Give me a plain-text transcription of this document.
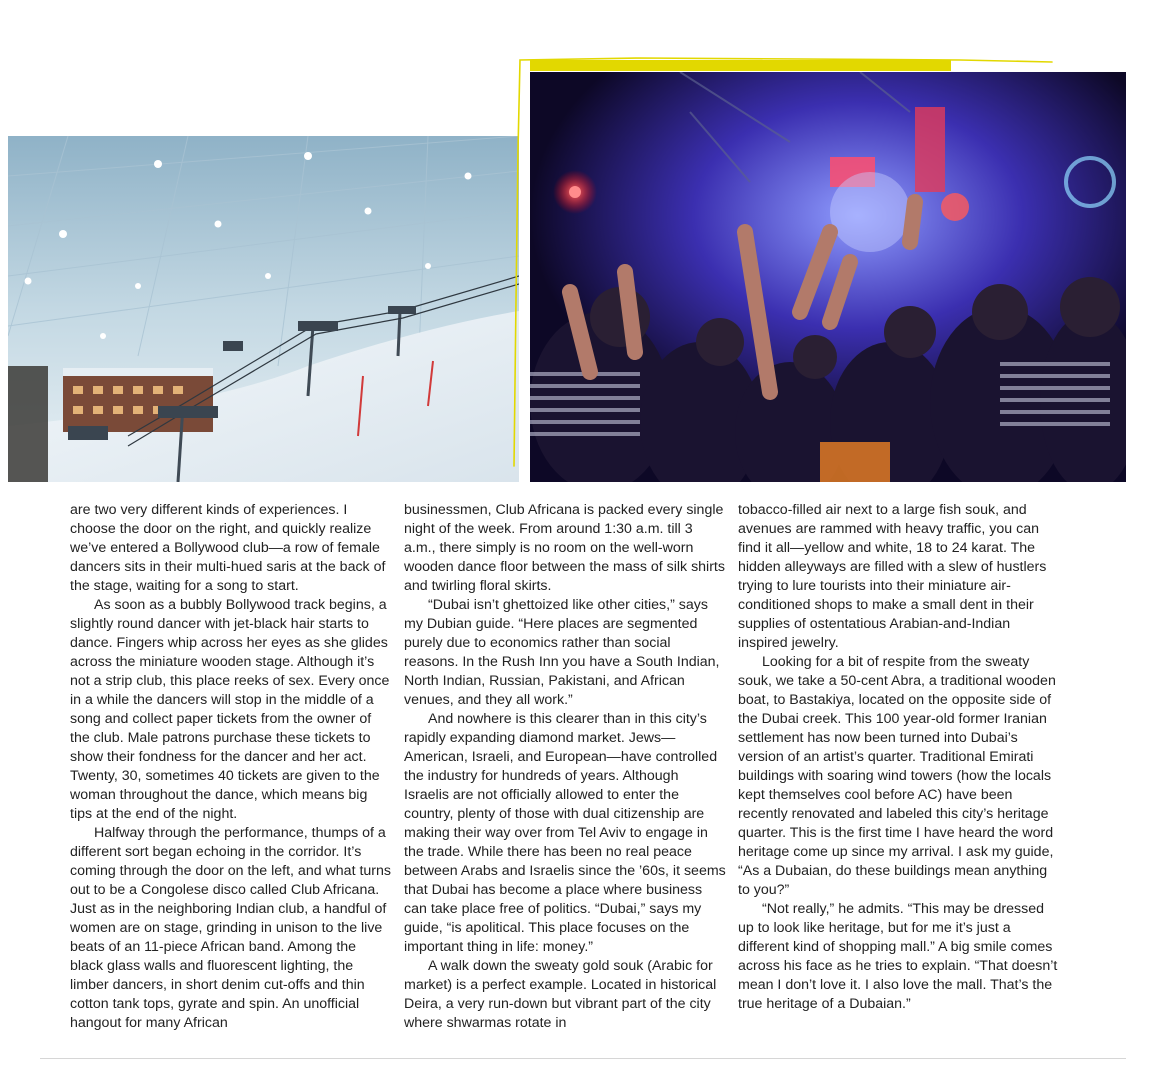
are two very different kinds of experiences. I choose the door on the right, and quickly realize we’ve entered a Bollywood club—a row of female dancers sits in their multi-hued saris at the back of the stage, waiting for a song to start.

As soon as a bubbly Bollywood track begins, a slightly round dancer with jet-black hair starts to dance. Fingers whip across her eyes as she glides across the miniature wooden stage. Although it’s not a strip club, this place reeks of sex. Every once in a while the dancers will stop in the middle of a song and collect paper tickets from the owner of the club. Male patrons purchase these tickets to show their fondness for the dancer and her act. Twenty, 30, sometimes 40 tickets are given to the woman throughout the dance, which means big tips at the end of the night.

Halfway through the performance, thumps of a different sort began echoing in the corridor. It’s coming through the door on the left, and what turns out to be a Congolese disco called Club Africana. Just as in the neighboring Indian club, a handful of women are on stage, grinding in unison to the live beats of an 11-piece African band. Among the black glass walls and fluorescent lighting, the limber dancers, in short denim cut-offs and thin cotton tank tops, gyrate and spin. An unofficial hangout for many African

businessmen, Club Africana is packed every single night of the week. From around 1:30 a.m. till 3 a.m., there simply is no room on the well-worn wooden dance floor between the mass of silk shirts and twirling floral skirts.

“Dubai isn’t ghettoized like other cities,” says my Dubian guide. “Here places are segmented purely due to economics rather than social reasons. In the Rush Inn you have a South Indian, North Indian, Russian, Pakistani, and African venues, and they all work.”

And nowhere is this clearer than in this city’s rapidly expanding diamond market. Jews—American, Israeli, and European—have controlled the industry for hundreds of years. Although Israelis are not officially allowed to enter the country, plenty of those with dual citizenship are making their way over from Tel Aviv to engage in the trade. While there has been no real peace between Arabs and Israelis since the ’60s, it seems that Dubai has become a place where business can take place free of politics. “Dubai,” says my guide, “is apolitical. This place focuses on the important thing in life: money.”

A walk down the sweaty gold souk (Arabic for market) is a perfect example. Located in historical Deira, a very run-down but vibrant part of the city where shwarmas rotate in

tobacco-filled air next to a large fish souk, and avenues are rammed with heavy traffic, you can find it all—yellow and white, 18 to 24 karat. The hidden alleyways are filled with a slew of hustlers trying to lure tourists into their miniature air-conditioned shops to make a small dent in their supplies of ostentatious Arabian-and-Indian inspired jewelry.

Looking for a bit of respite from the sweaty souk, we take a 50-cent Abra, a traditional wooden boat, to Bastakiya, located on the opposite side of the Dubai creek. This 100 year-old former Iranian settlement has now been turned into Dubai’s version of an artist’s quarter. Traditional Emirati buildings with soaring wind towers (how the locals kept themselves cool before AC) have been recently renovated and labeled this city’s heritage quarter. This is the first time I have heard the word heritage come up since my arrival. I ask my guide, “As a Dubaian, do these buildings mean anything to you?”

“Not really,” he admits. “This may be dressed up to look like heritage, but for me it’s just a different kind of shopping mall.” A big smile comes across his face as he tries to explain. “That doesn’t mean I don’t love it. I also love the mall. That’s the true heritage of a Dubaian.”
